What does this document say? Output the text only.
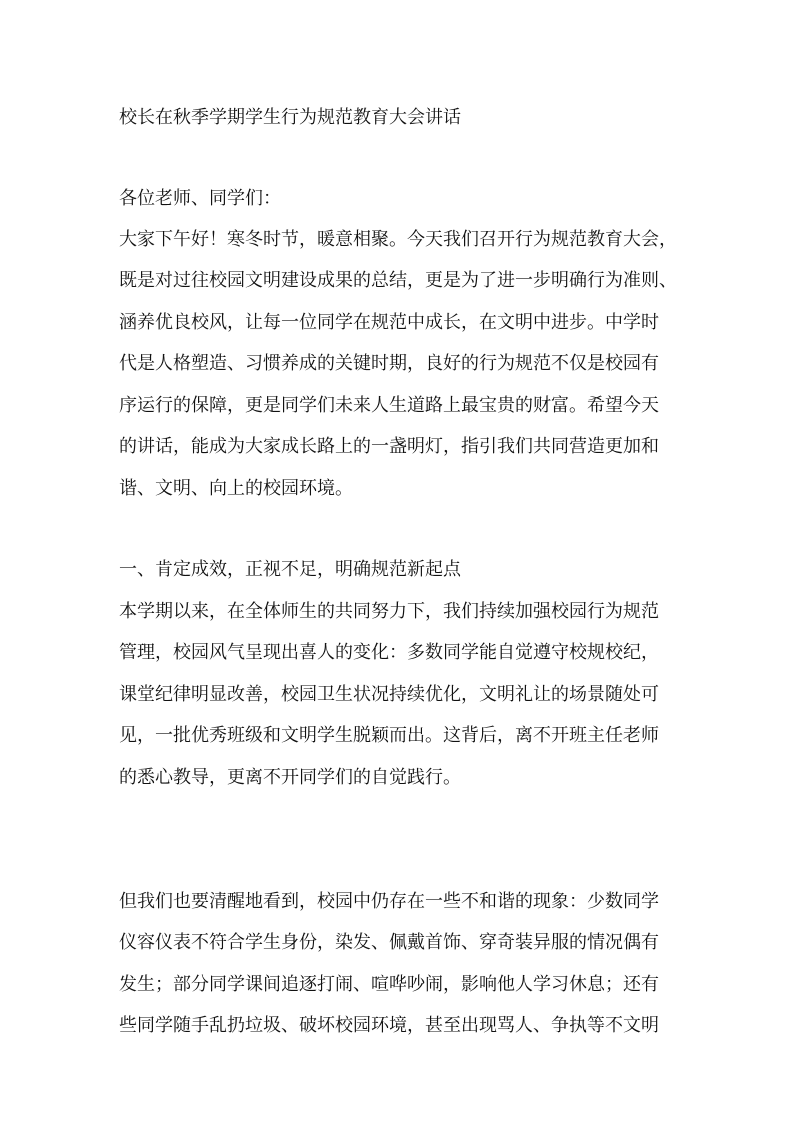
校长在秋季学期学生行为规范教育大会讲话
各位老师、同学们：
大家下午好！寒冬时节，暖意相聚。今天我们召开行为规范教育大会，
既是对过往校园文明建设成果的总结，更是为了进一步明确行为准则、
涵养优良校风，让每一位同学在规范中成长，在文明中进步。中学时
代是人格塑造、习惯养成的关键时期，良好的行为规范不仅是校园有
序运行的保障，更是同学们未来人生道路上最宝贵的财富。希望今天
的讲话，能成为大家成长路上的一盏明灯，指引我们共同营造更加和
谐、文明、向上的校园环境。
一、肯定成效，正视不足，明确规范新起点
本学期以来，在全体师生的共同努力下，我们持续加强校园行为规范
管理，校园风气呈现出喜人的变化：多数同学能自觉遵守校规校纪，
课堂纪律明显改善，校园卫生状况持续优化，文明礼让的场景随处可
见，一批优秀班级和文明学生脱颖而出。这背后，离不开班主任老师
的悉心教导，更离不开同学们的自觉践行。
但我们也要清醒地看到，校园中仍存在一些不和谐的现象：少数同学
仪容仪表不符合学生身份，染发、佩戴首饰、穿奇装异服的情况偶有
发生；部分同学课间追逐打闹、喧哗吵闹，影响他人学习休息；还有
些同学随手乱扔垃圾、破坏校园环境，甚至出现骂人、争执等不文明
